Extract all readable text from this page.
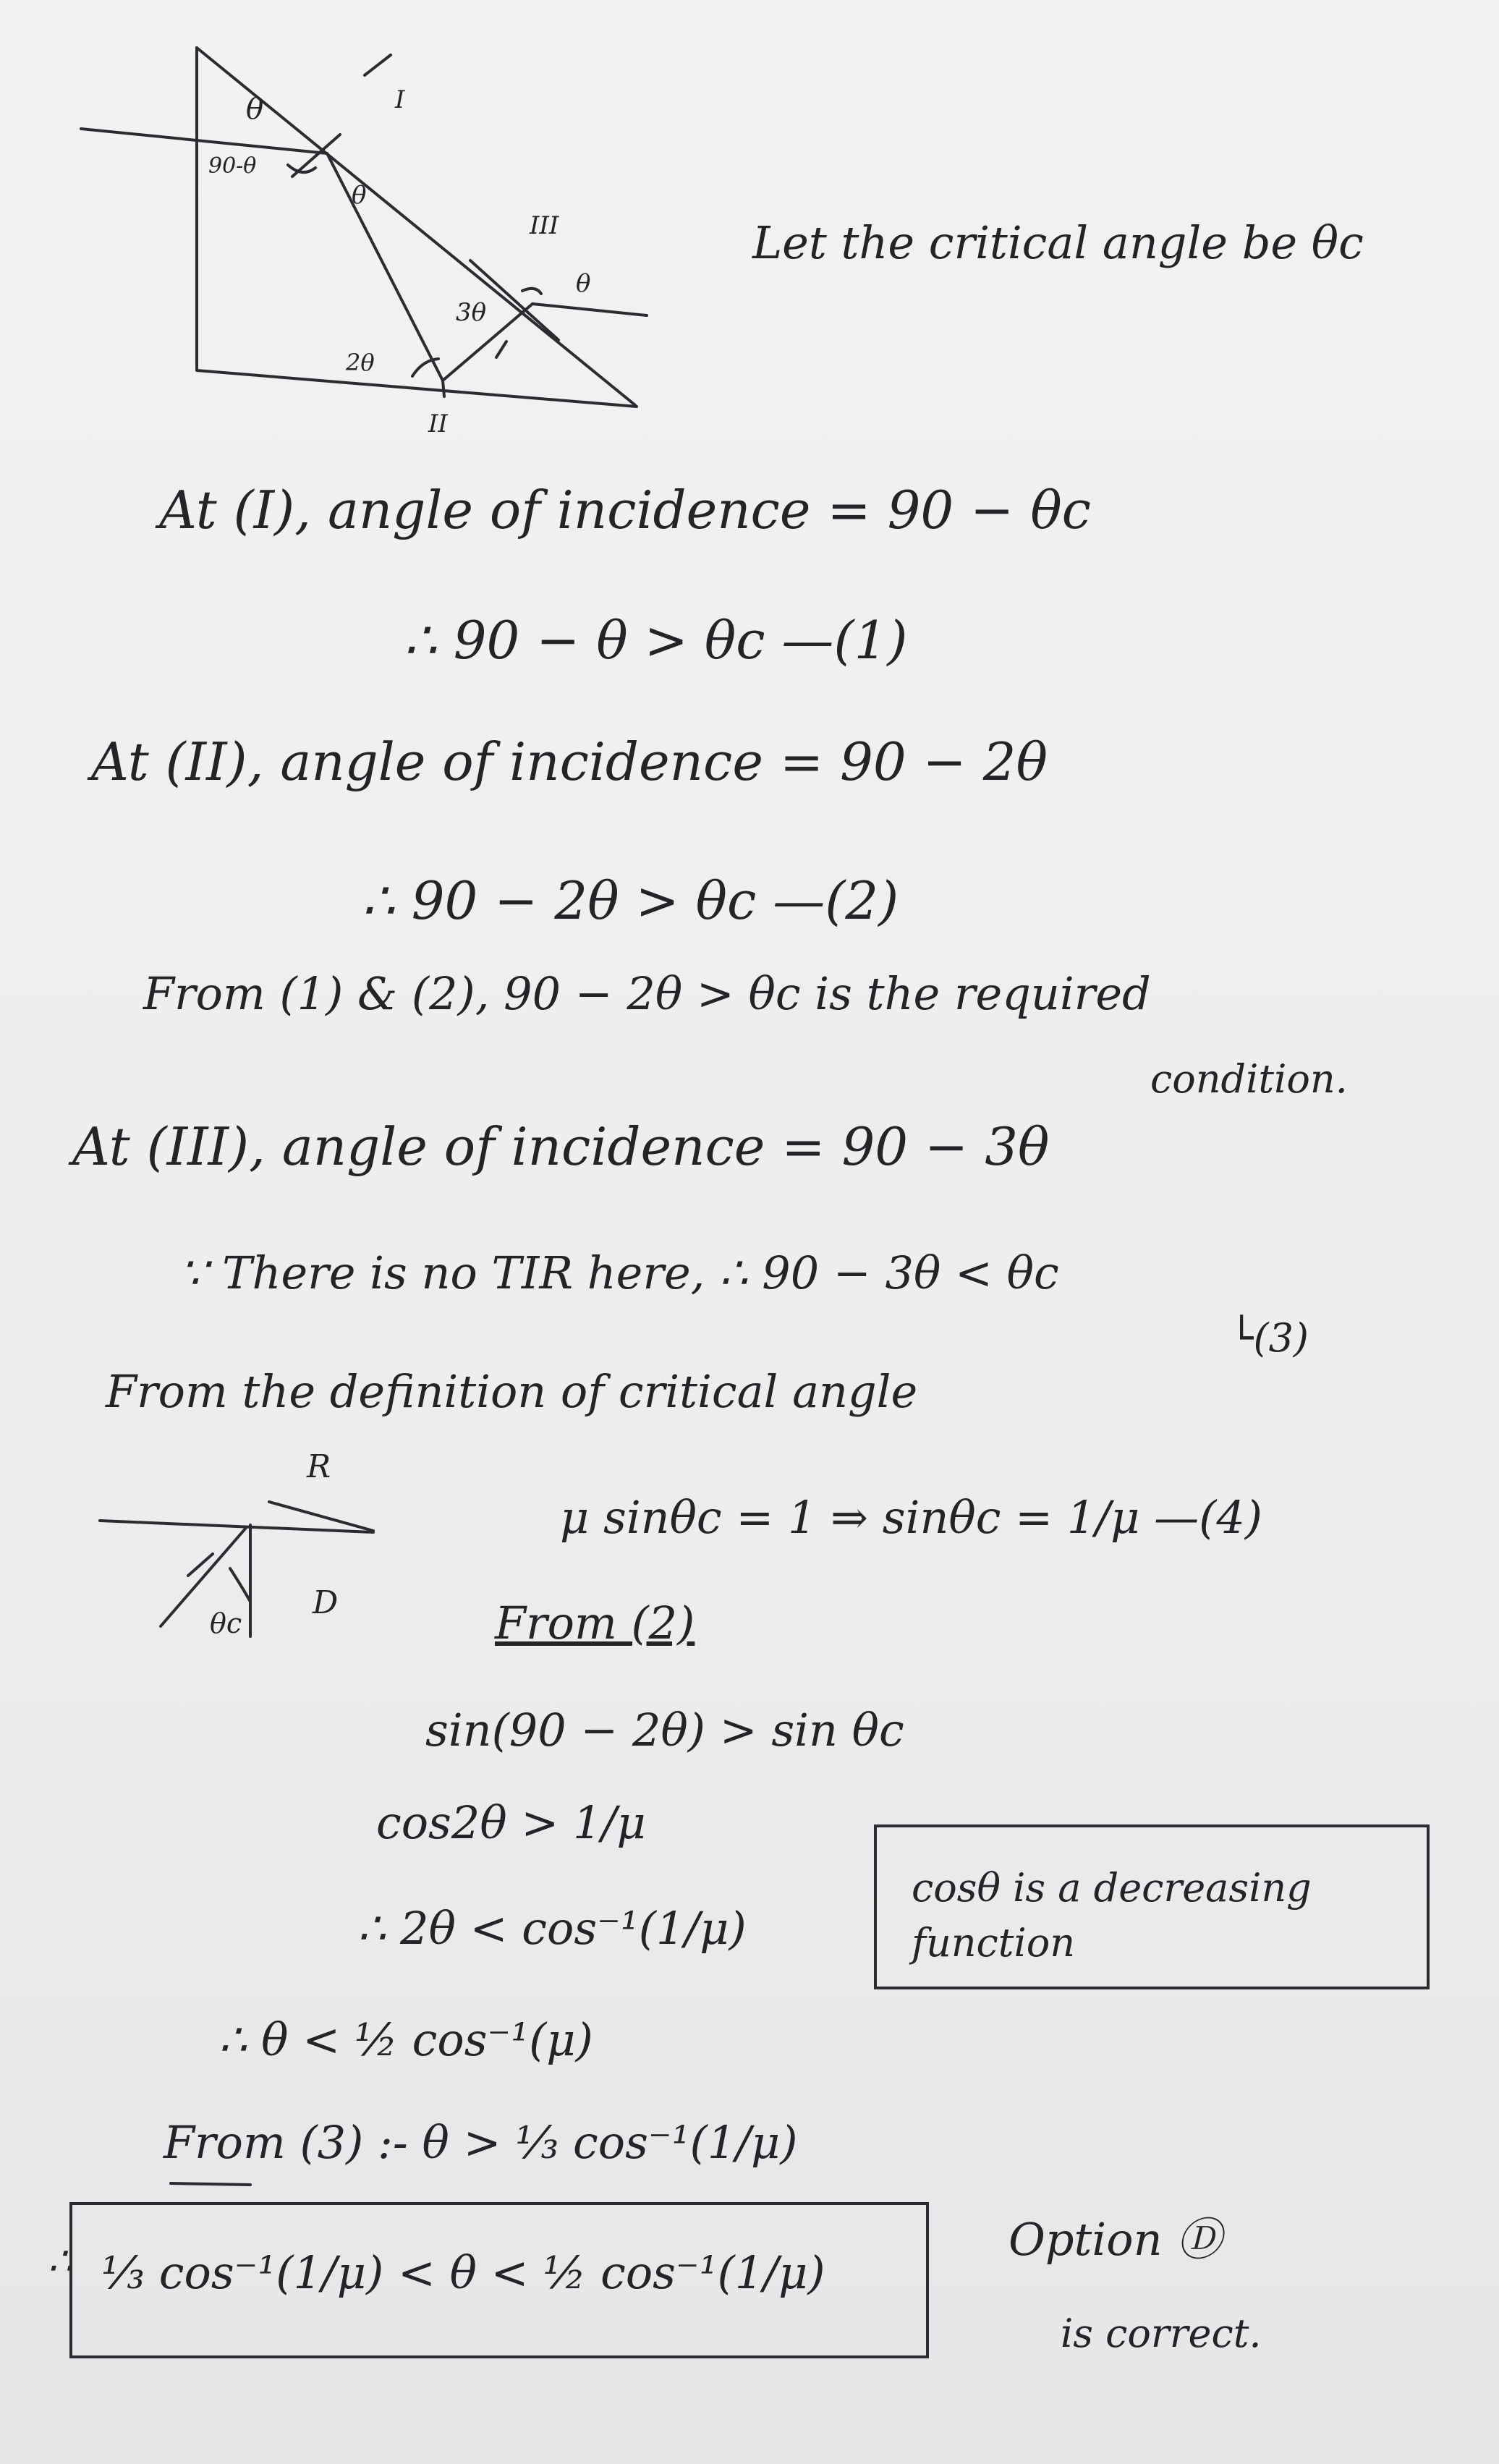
θ	I
90-θ
θ
III
3θ
θ
2θ
II
Let the critical angle be θc
At (I), angle of incidence = 90 − θc
∴ 90 − θ > θc —(1)
At (II), angle of incidence = 90 − 2θ
∴ 90 − 2θ > θc —(2)
From (1) & (2), 90 − 2θ > θc is the required
condition.
At (III), angle of incidence = 90 − 3θ
∵ There is no TIR here, ∴ 90 − 3θ < θc
└(3)
From the definition of critical angle
R
D
θc
μ sinθc = 1 ⇒ sinθc = 1/μ —(4)
From (2)
sin(90 − 2θ) > sin θc
cos2θ > 1/μ
cosθ is a decreasing function
∴ 2θ < cos⁻¹(1/μ)
∴ θ < ½ cos⁻¹(μ)
From (3) :- θ > ⅓ cos⁻¹(1/μ)
∴ ⅓ cos⁻¹(1/μ) < θ < ½ cos⁻¹(1/μ)
Option Ⓓ
is correct.
